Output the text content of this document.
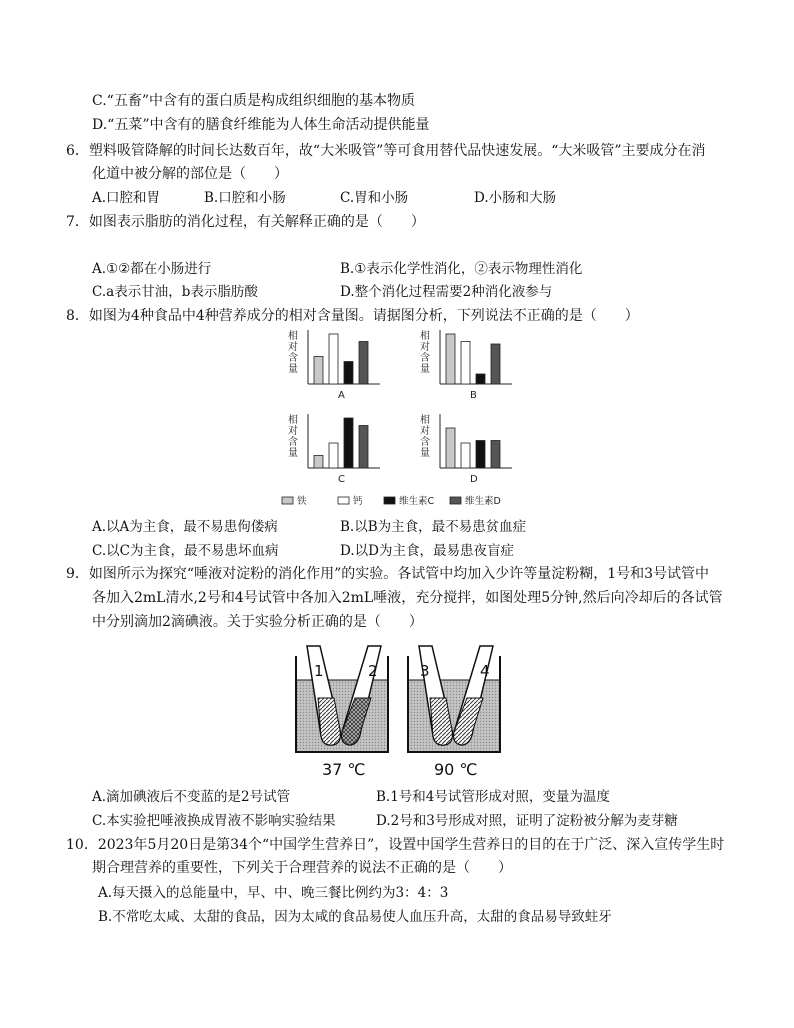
C.“五畜”中含有的蛋白质是构成组织细胞的基本物质
D.“五菜”中含有的膳食纤维能为人体生命活动提供能量
6．塑料吸管降解的时间长达数百年，故“大米吸管”等可食用替代品快速发展。“大米吸管”主要成分在消
化道中被分解的部位是（　　）
A.口腔和胃	B.口腔和小肠	C.胃和小肠	D.小肠和大肠
7．如图表示脂肪的消化过程，有关解释正确的是（　　）
A.①②都在小肠进行	B.①表示化学性消化，②表示物理性消化
C.a表示甘油，b表示脂肪酸	D.整个消化过程需要2种消化液参与
8．如图为4种食品中4种营养成分的相对含量图。请据图分析，下列说法不正确的是（　　）
相
对
含
量
A
相
对
含
量
B
相
对
含
量
C
相
对
含
量
D
铁	钙	维生素C	维生素D
A.以A为主食，最不易患佝偻病	B.以B为主食，最不易患贫血症
C.以C为主食，最不易患坏血病	D.以D为主食，最易患夜盲症
9．如图所示为探究“唾液对淀粉的消化作用”的实验。各试管中均加入少许等量淀粉糊，1号和3号试管中
各加入2mL清水,2号和4号试管中各加入2mL唾液，充分搅拌，如图处理5分钟,然后向冷却后的各试管
中分别滴加2滴碘液。关于实验分析正确的是（　　）
1	2
37 ℃
3	4
90 ℃
A.滴加碘液后不变蓝的是2号试管	B.1号和4号试管形成对照，变量为温度
C.本实验把唾液换成胃液不影响实验结果	D.2号和3号形成对照，证明了淀粉被分解为麦芽糖
10．2023年5月20日是第34个“中国学生营养日”，设置中国学生营养日的目的在于广泛、深入宣传学生时
期合理营养的重要性，下列关于合理营养的说法不正确的是（　　）
A.每天摄入的总能量中，早、中、晚三餐比例约为3：4：3
B.不常吃太咸、太甜的食品，因为太咸的食品易使人血压升高，太甜的食品易导致蛀牙
